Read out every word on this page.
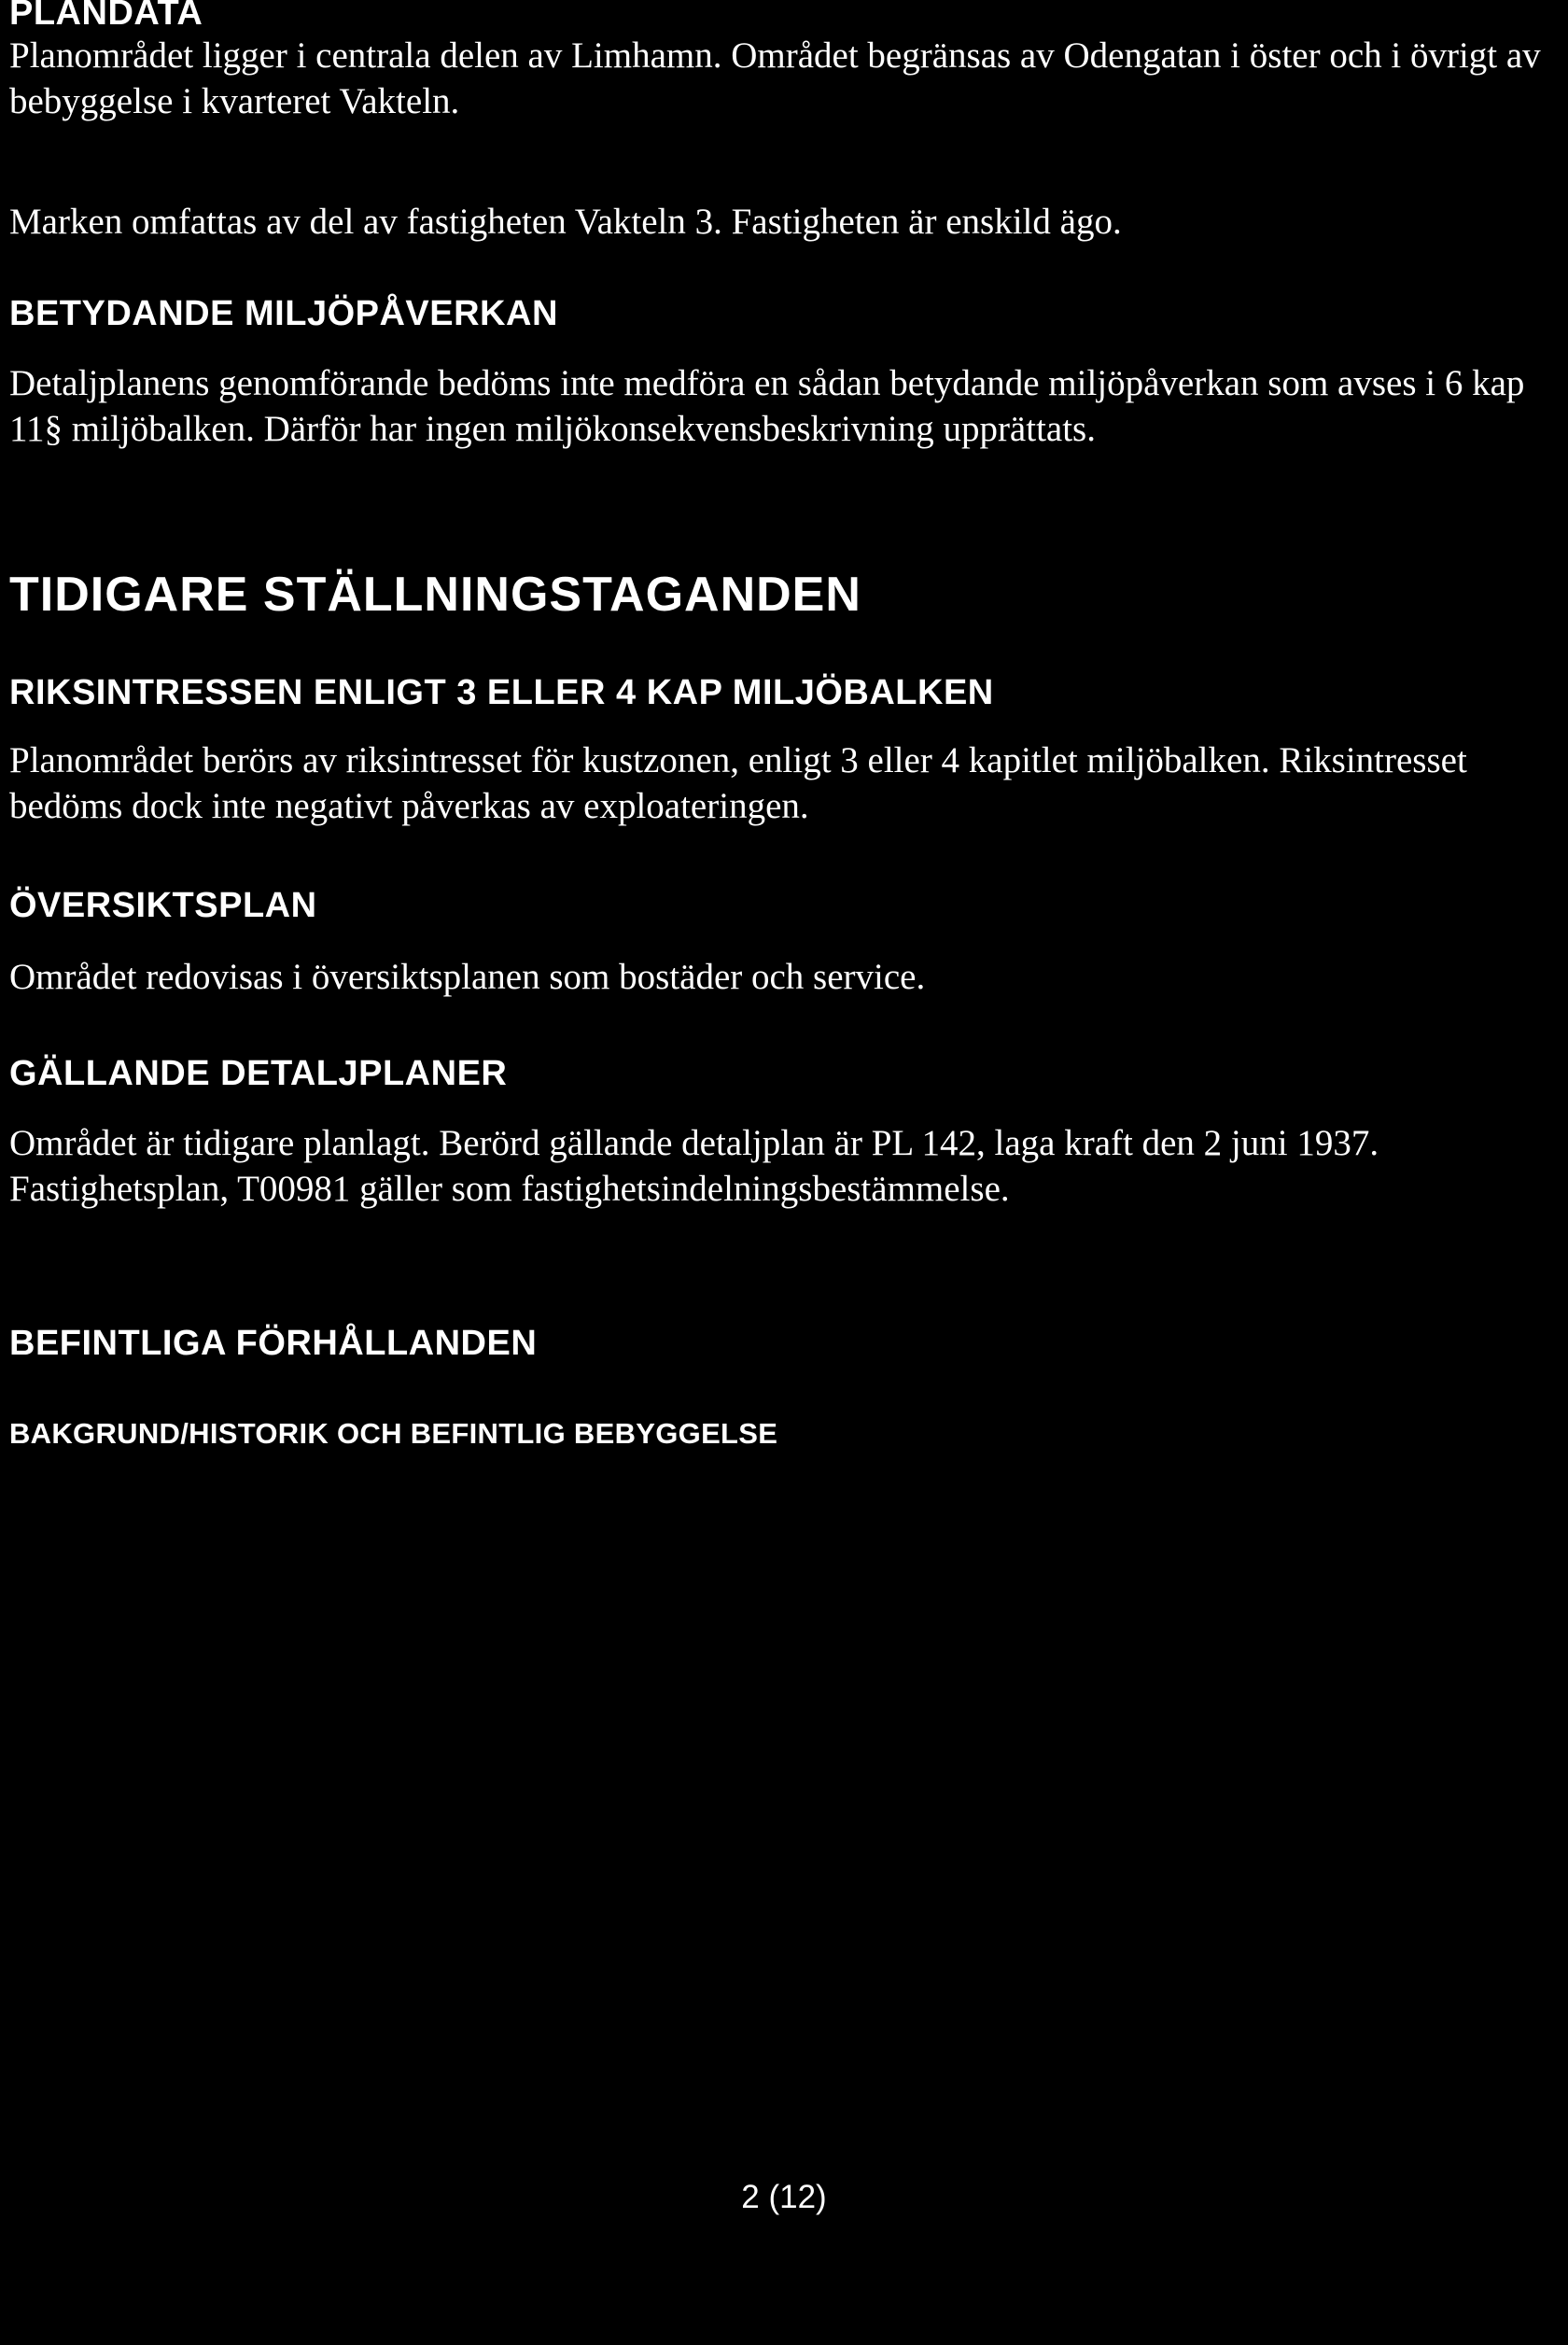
PLANDATA

Planområdet ligger i centrala delen av Limhamn. Området begränsas av Odengatan i öster och i övrigt av bebyggelse i kvarteret Vakteln.

Marken omfattas av del av fastigheten Vakteln 3. Fastigheten är enskild ägo.

BETYDANDE MILJÖPÅVERKAN

Detaljplanens genomförande bedöms inte medföra en sådan betydande miljöpåverkan som avses i 6 kap 11§ miljöbalken. Därför har ingen miljökonsekvensbeskrivning upprättats.

TIDIGARE STÄLLNINGSTAGANDEN
RIKSINTRESSEN ENLIGT 3 ELLER 4 KAP MILJÖBALKEN

Planområdet berörs av riksintresset för kustzonen, enligt 3 eller 4 kapitlet miljöbalken. Riksintresset bedöms dock inte negativt påverkas av exploateringen.

ÖVERSIKTSPLAN

Området redovisas i översiktsplanen som bostäder och service.

GÄLLANDE DETALJPLANER

Området är tidigare planlagt. Berörd gällande detaljplan är PL 142, laga kraft den 2 juni 1937. Fastighetsplan, T00981 gäller som fastighetsindelningsbestämmelse.

BEFINTLIGA FÖRHÅLLANDEN
BAKGRUND/HISTORIK OCH BEFINTLIG BEBYGGELSE
2 (12)
